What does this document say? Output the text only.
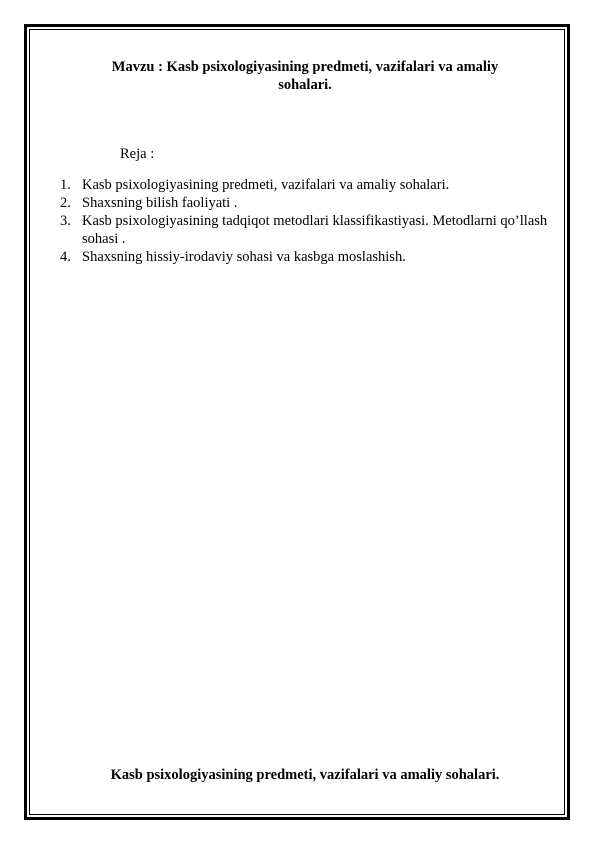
Mavzu : Kasb psixologiyasining predmeti, vazifalari va amaliy
sohalari.
Reja :
1. Kasb psixologiyasining predmeti, vazifalari va amaliy sohalari.
2. Shaxsning bilish faoliyati .
3. Kasb psixologiyasining tadqiqot metodlari klassifikastiyasi. Metodlarni qo’llash sohasi .
4. Shaxsning hissiy-irodaviy sohasi va kasbga moslashish.
Kasb psixologiyasining predmeti, vazifalari va amaliy sohalari.
